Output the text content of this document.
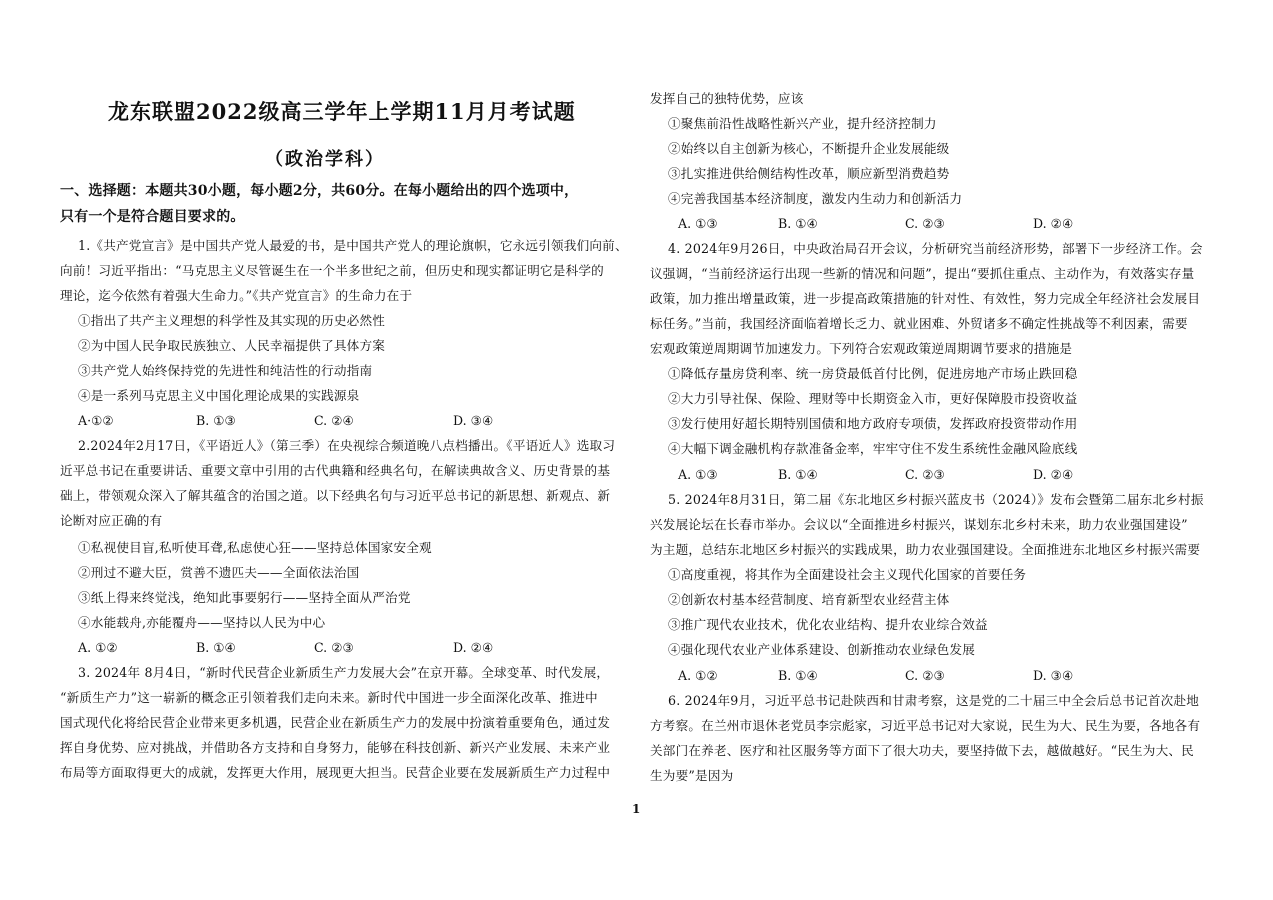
龙东联盟2022级高三学年上学期11月月考试题
（政治学科）
一、选择题：本题共30小题，每小题2分，共60分。在每小题给出的四个选项中，
只有一个是符合题目要求的。
1.《共产党宣言》是中国共产党人最爱的书，是中国共产党人的理论旗帜，它永远引领我们向前、
向前！习近平指出：“马克思主义尽管诞生在一个半多世纪之前，但历史和现实都证明它是科学的
理论，迄今依然有着强大生命力。”《共产党宣言》的生命力在于
①指出了共产主义理想的科学性及其实现的历史必然性
②为中国人民争取民族独立、人民幸福提供了具体方案
③共产党人始终保持党的先进性和纯洁性的行动指南
④是一系列马克思主义中国化理论成果的实践源泉
A·①②	B. ①③	C. ②④	D. ③④
2.2024年2月17日，《平语近人》（第三季）在央视综合频道晚八点档播出。《平语近人》选取习
近平总书记在重要讲话、重要文章中引用的古代典籍和经典名句，在解读典故含义、历史背景的基
础上，带领观众深入了解其蕴含的治国之道。以下经典名句与习近平总书记的新思想、新观点、新
论断对应正确的有
①私视使目盲,私听使耳聋,私虑使心狂——坚持总体国家安全观
②刑过不避大臣，赏善不遗匹夫——全面依法治国
③纸上得来终觉浅，绝知此事要躬行——坚持全面从严治党
④水能载舟,亦能覆舟——坚持以人民为中心
A. ①②	B. ①④	C. ②③	D. ②④
3. 2024年 8月4日，“新时代民营企业新质生产力发展大会”在京开幕。全球变革、时代发展，
“新质生产力”这一崭新的概念正引领着我们走向未来。新时代中国进一步全面深化改革、推进中
国式现代化将给民营企业带来更多机遇，民营企业在新质生产力的发展中扮演着重要角色，通过发
挥自身优势、应对挑战，并借助各方支持和自身努力，能够在科技创新、新兴产业发展、未来产业
布局等方面取得更大的成就，发挥更大作用，展现更大担当。民营企业要在发展新质生产力过程中
发挥自己的独特优势，应该
①聚焦前沿性战略性新兴产业，提升经济控制力
②始终以自主创新为核心，不断提升企业发展能级
③扎实推进供给侧结构性改革，顺应新型消费趋势
④完善我国基本经济制度，激发内生动力和创新活力
A. ①③	B. ①④	C. ②③	D. ②④
4. 2024年9月26日，中央政治局召开会议，分析研究当前经济形势，部署下一步经济工作。会
议强调，“当前经济运行出现一些新的情况和问题”，提出“要抓住重点、主动作为，有效落实存量
政策，加力推出增量政策，进一步提高政策措施的针对性、有效性，努力完成全年经济社会发展目
标任务。”当前，我国经济面临着增长乏力、就业困难、外贸诸多不确定性挑战等不利因素，需要
宏观政策逆周期调节加速发力。下列符合宏观政策逆周期调节要求的措施是
①降低存量房贷利率、统一房贷最低首付比例，促进房地产市场止跌回稳
②大力引导社保、保险、理财等中长期资金入市，更好保障股市投资收益
③发行使用好超长期特别国债和地方政府专项债，发挥政府投资带动作用
④大幅下调金融机构存款准备金率，牢牢守住不发生系统性金融风险底线
A. ①③	B. ①④	C. ②③	D. ②④
5. 2024年8月31日，第二届《东北地区乡村振兴蓝皮书（2024）》发布会暨第二届东北乡村振
兴发展论坛在长春市举办。会议以“全面推进乡村振兴，谋划东北乡村未来，助力农业强国建设”
为主题，总结东北地区乡村振兴的实践成果，助力农业强国建设。全面推进东北地区乡村振兴需要
①高度重视，将其作为全面建设社会主义现代化国家的首要任务
②创新农村基本经营制度、培育新型农业经营主体
③推广现代农业技术，优化农业结构、提升农业综合效益
④强化现代农业产业体系建设、创新推动农业绿色发展
A. ①②	B. ①④	C. ②③	D. ③④
6. 2024年9月，习近平总书记赴陕西和甘肃考察，这是党的二十届三中全会后总书记首次赴地
方考察。在兰州市退休老党员李宗彪家，习近平总书记对大家说，民生为大、民生为要，各地各有
关部门在养老、医疗和社区服务等方面下了很大功夫，要坚持做下去，越做越好。“民生为大、民
生为要”是因为
1
